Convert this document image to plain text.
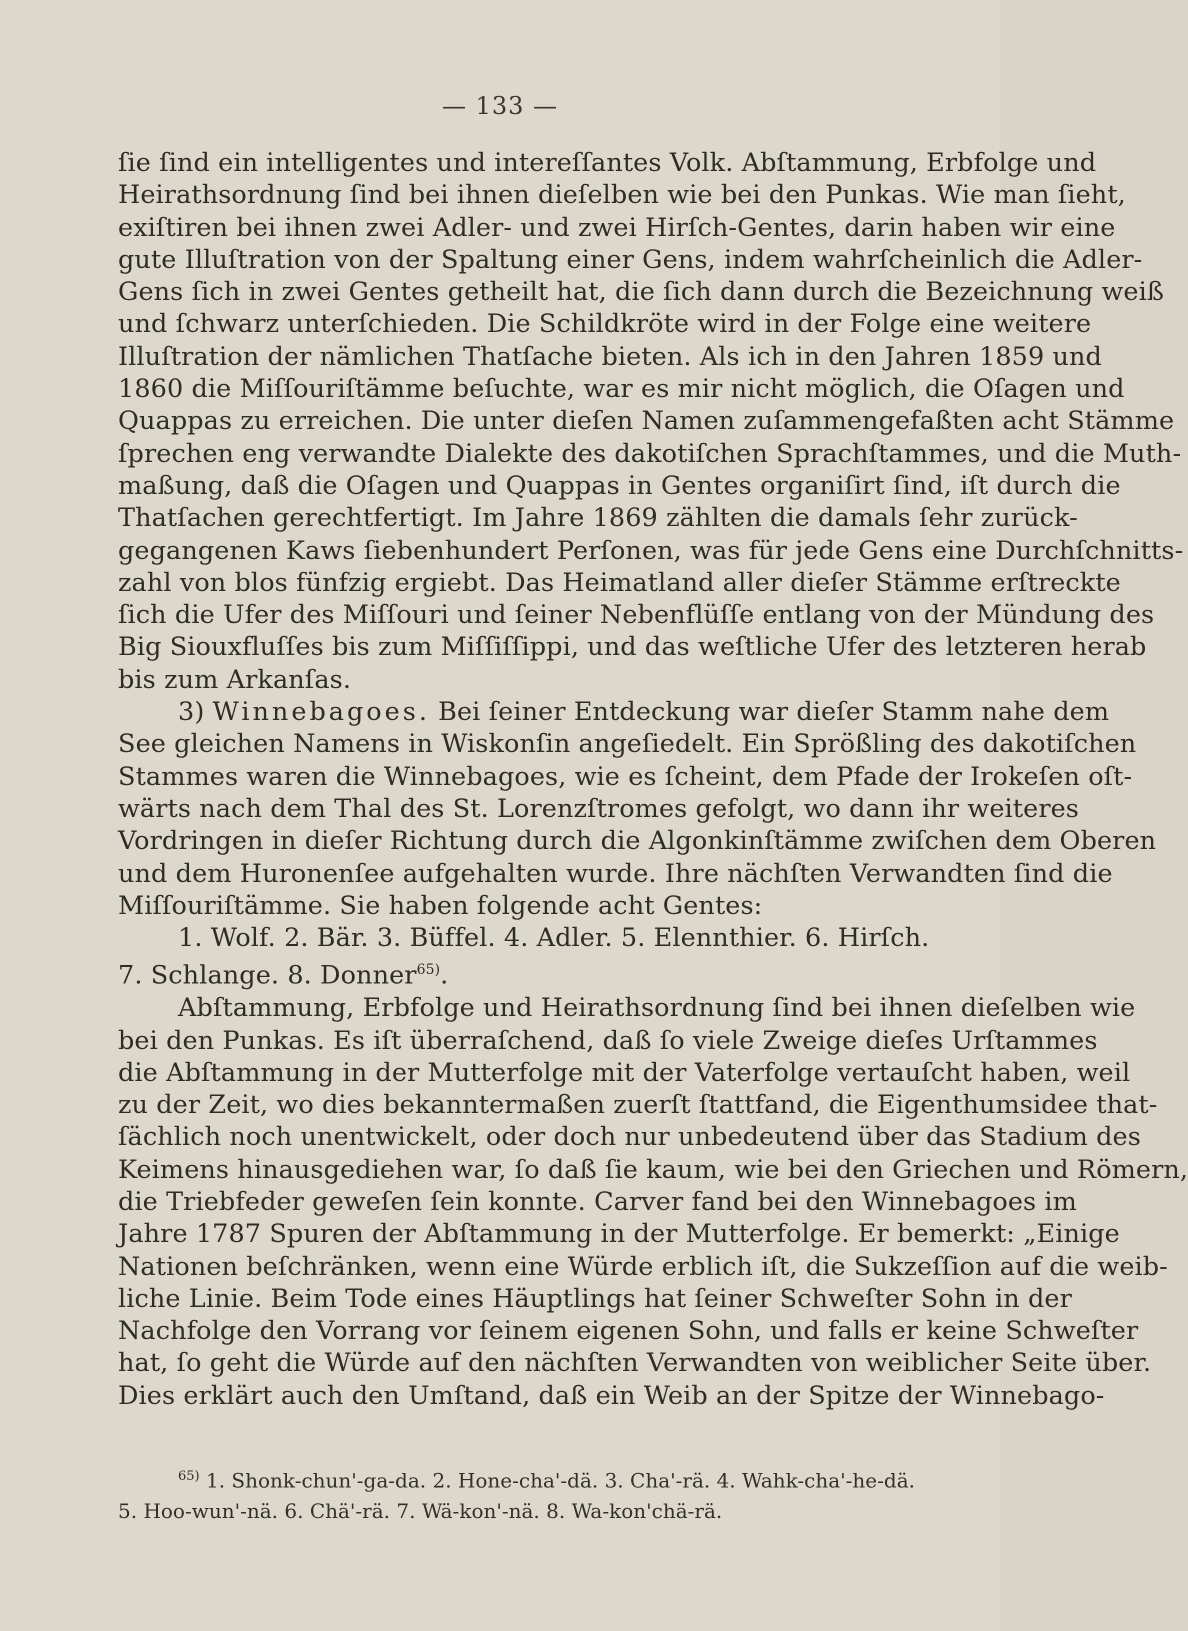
— 133 —
ſie ſind ein intelligentes und intereſſantes Volk. Abſtammung, Erbfolge und
Heirathsordnung ſind bei ihnen dieſelben wie bei den Punkas. Wie man ſieht,
exiſtiren bei ihnen zwei Adler- und zwei Hirſch-Gentes, darin haben wir eine
gute Illuſtration von der Spaltung einer Gens, indem wahrſcheinlich die Adler-
Gens ſich in zwei Gentes getheilt hat, die ſich dann durch die Bezeichnung weiß
und ſchwarz unterſchieden. Die Schildkröte wird in der Folge eine weitere
Illuſtration der nämlichen Thatſache bieten. Als ich in den Jahren 1859 und
1860 die Miſſouriſtämme beſuchte, war es mir nicht möglich, die Oſagen und
Quappas zu erreichen. Die unter dieſen Namen zuſammengefaßten acht Stämme
ſprechen eng verwandte Dialekte des dakotiſchen Sprachſtammes, und die Muth-
maßung, daß die Oſagen und Quappas in Gentes organiſirt ſind, iſt durch die
Thatſachen gerechtfertigt. Im Jahre 1869 zählten die damals ſehr zurück-
gegangenen Kaws ſiebenhundert Perſonen, was für jede Gens eine Durchſchnitts-
zahl von blos fünfzig ergiebt. Das Heimatland aller dieſer Stämme erſtreckte
ſich die Ufer des Miſſouri und ſeiner Nebenflüſſe entlang von der Mündung des
Big Siouxfluſſes bis zum Miſſiſſippi, und das weſtliche Ufer des letzteren herab
bis zum Arkanſas.
3) Winnebagoes. Bei ſeiner Entdeckung war dieſer Stamm nahe dem
See gleichen Namens in Wiskonſin angeſiedelt. Ein Sprößling des dakotiſchen
Stammes waren die Winnebagoes, wie es ſcheint, dem Pfade der Irokeſen oſt-
wärts nach dem Thal des St. Lorenzſtromes gefolgt, wo dann ihr weiteres
Vordringen in dieſer Richtung durch die Algonkinſtämme zwiſchen dem Oberen
und dem Huronenſee aufgehalten wurde. Ihre nächſten Verwandten ſind die
Miſſouriſtämme. Sie haben folgende acht Gentes:
1. Wolf. 2. Bär. 3. Büffel. 4. Adler. 5. Elennthier. 6. Hirſch.
7. Schlange. 8. Donner$^{65)}$.
Abſtammung, Erbfolge und Heirathsordnung ſind bei ihnen dieſelben wie
bei den Punkas. Es iſt überraſchend, daß ſo viele Zweige dieſes Urſtammes
die Abſtammung in der Mutterfolge mit der Vaterfolge vertauſcht haben, weil
zu der Zeit, wo dies bekanntermaßen zuerſt ſtattfand, die Eigenthumsidee that-
ſächlich noch unentwickelt, oder doch nur unbedeutend über das Stadium des
Keimens hinausgediehen war, ſo daß ſie kaum, wie bei den Griechen und Römern,
die Triebfeder geweſen ſein konnte. Carver fand bei den Winnebagoes im
Jahre 1787 Spuren der Abſtammung in der Mutterfolge. Er bemerkt: „Einige
Nationen beſchränken, wenn eine Würde erblich iſt, die Sukzeſſion auf die weib-
liche Linie. Beim Tode eines Häuptlings hat ſeiner Schweſter Sohn in der
Nachfolge den Vorrang vor ſeinem eigenen Sohn, und falls er keine Schweſter
hat, ſo geht die Würde auf den nächſten Verwandten von weiblicher Seite über.
Dies erklärt auch den Umſtand, daß ein Weib an der Spitze der Winnebago-
$^{65)}$ 1. Shonk-chun'-ga-da. 2. Hone-cha'-dä. 3. Cha'-rä. 4. Wahk-cha'-he-dä.
5. Hoo-wun'-nä. 6. Chä'-rä. 7. Wä-kon'-nä. 8. Wa-kon'chä-rä.
